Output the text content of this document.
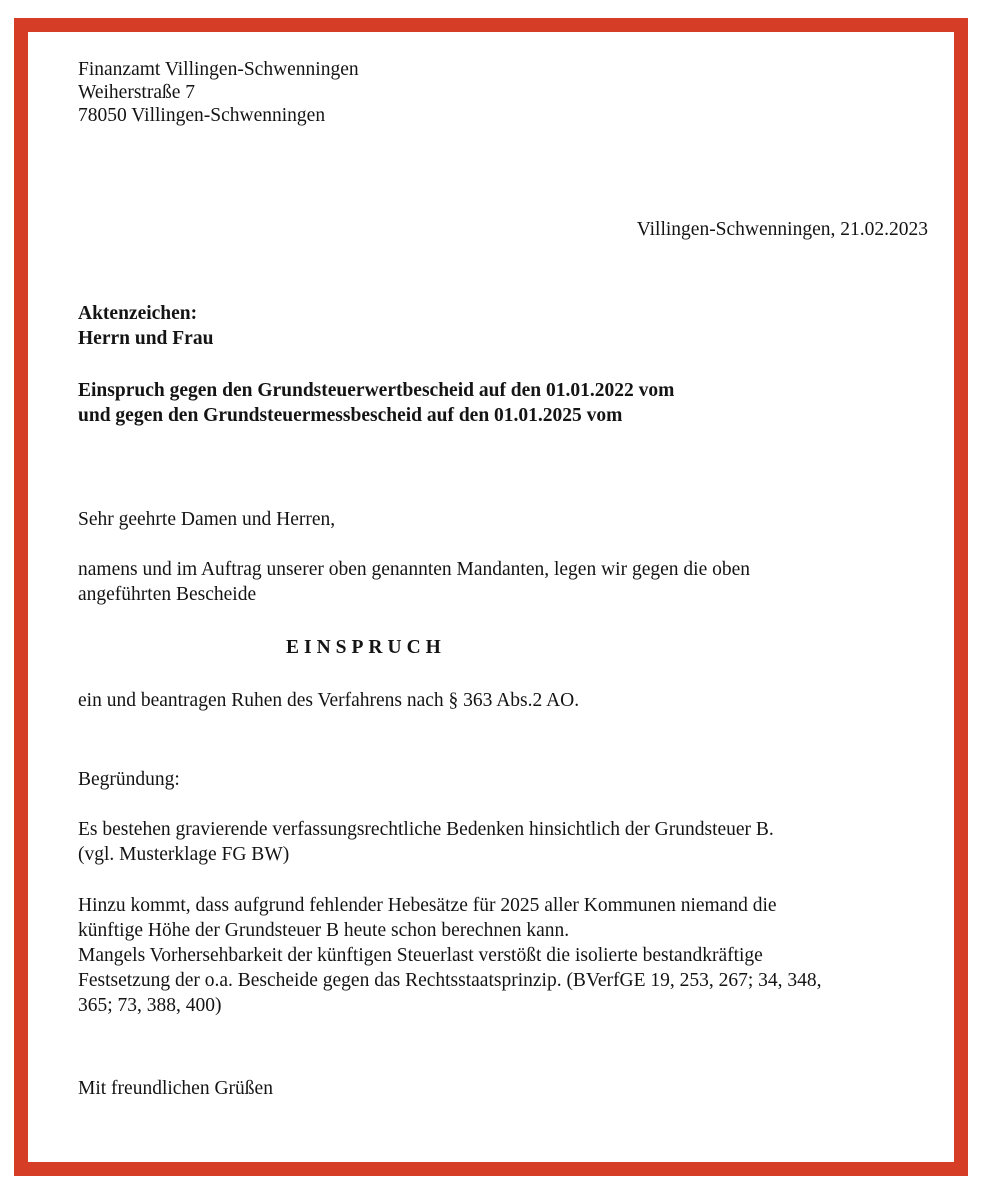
Finanzamt Villingen-Schwenningen
Weiherstraße 7
78050 Villingen-Schwenningen
Villingen-Schwenningen, 21.02.2023
Aktenzeichen:
Herrn und Frau
Einspruch gegen den Grundsteuerwertbescheid auf den 01.01.2022 vom
und gegen den Grundsteuermessbescheid auf den 01.01.2025 vom
Sehr geehrte Damen und Herren,
namens und im Auftrag unserer oben genannten Mandanten, legen wir gegen die oben
angeführten Bescheide
EINSPRUCH
ein und beantragen Ruhen des Verfahrens nach § 363 Abs.2 AO.
Begründung:
Es bestehen gravierende verfassungsrechtliche Bedenken hinsichtlich der Grundsteuer B.
(vgl. Musterklage FG BW)
Hinzu kommt, dass aufgrund fehlender Hebesätze für 2025 aller Kommunen niemand die
künftige Höhe der Grundsteuer B heute schon berechnen kann.
Mangels Vorhersehbarkeit der künftigen Steuerlast verstößt die isolierte bestandkräftige
Festsetzung der o.a. Bescheide gegen das Rechtsstaatsprinzip. (BVerfGE 19, 253, 267; 34, 348,
365; 73, 388, 400)
Mit freundlichen Grüßen
